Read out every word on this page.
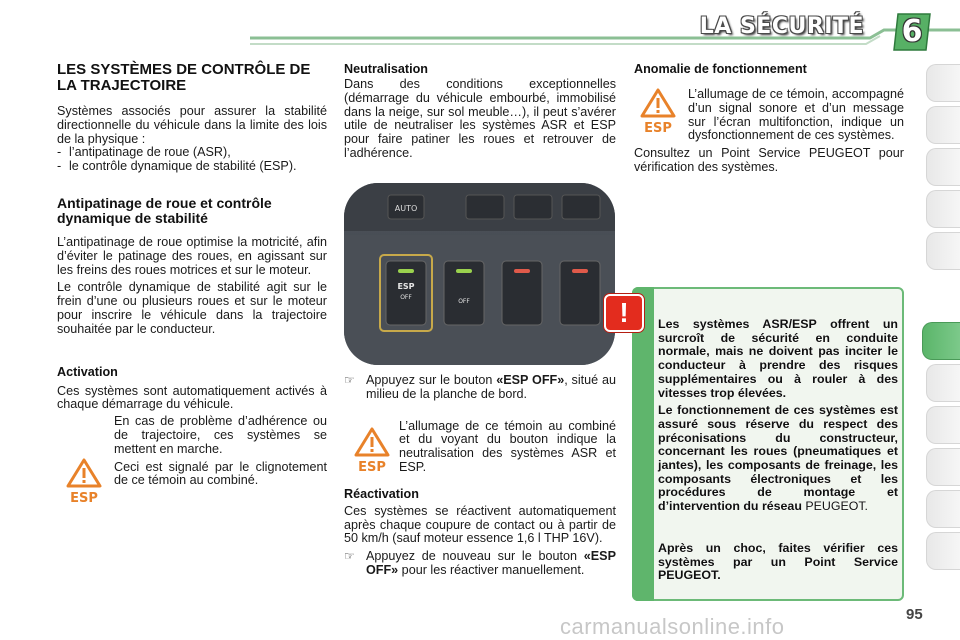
LA SÉCURITÉ	6
LES SYSTÈMES DE CONTRÔLE DE LA TRAJECTOIRE

Systèmes associés pour assurer la stabilité directionnelle du véhicule dans la limite des lois de la physique :

- l’antipatinage de roue (ASR),
- le contrôle dynamique de stabilité (ESP).
Antipatinage de roue et contrôle dynamique de stabilité

L’antipatinage de roue optimise la motricité, afin d’éviter le patinage des roues, en agissant sur les freins des roues motrices et sur le moteur.

Le contrôle dynamique de stabilité agit sur le frein d’une ou plusieurs roues et sur le moteur pour inscrire le véhicule dans la trajectoire souhaitée par le conducteur.

Activation

Ces systèmes sont automatiquement activés à chaque démarrage du véhicule.

En cas de problème d’adhérence ou de trajectoire, ces systèmes se mettent en marche.

Ceci est signalé par le clignotement de ce témoin au combiné.

ESP
Neutralisation

Dans des conditions exceptionnelles (démarrage du véhicule embourbé, immobilisé dans la neige, sur sol meuble…), il peut s’avérer utile de neutraliser les systèmes ASR et ESP pour faire patiner les roues et retrouver de l’adhérence.

AUTO
ESP
OFF
OFF
☞ Appuyez sur le bouton «ESP OFF», situé au milieu de la planche de bord.

L’allumage de ce témoin au combiné et du voyant du bouton indique la neutralisation des systèmes ASR et ESP.

Réactivation

Ces systèmes se réactivent automatiquement après chaque coupure de contact ou à partir de 50 km/h (sauf moteur essence 1,6 l THP 16V).

☞ Appuyez de nouveau sur le bouton «ESP OFF» pour les réactiver manuellement.
ESP
Anomalie de fonctionnement

L’allumage de ce témoin, accompagné d’un signal sonore et d’un message sur l’écran multifonction, indique un dysfonctionnement de ces systèmes.

Consultez un Point Service PEUGEOT pour vérification des systèmes.

ESP
!	Les systèmes ASR/ESP offrent un surcroît de sécurité en conduite normale, mais ne doivent pas inciter le conducteur à prendre des risques supplémentaires ou à rouler à des vitesses trop élevées.

Le fonctionnement de ces systèmes est assuré sous réserve du respect des préconisations du constructeur, concernant les roues (pneumatiques et jantes), les composants de freinage, les composants électroniques et les procédures de montage et d’intervention du réseau PEUGEOT.

Après un choc, faites vérifier ces systèmes par un Point Service PEUGEOT.

carmanualsonline.info	95
